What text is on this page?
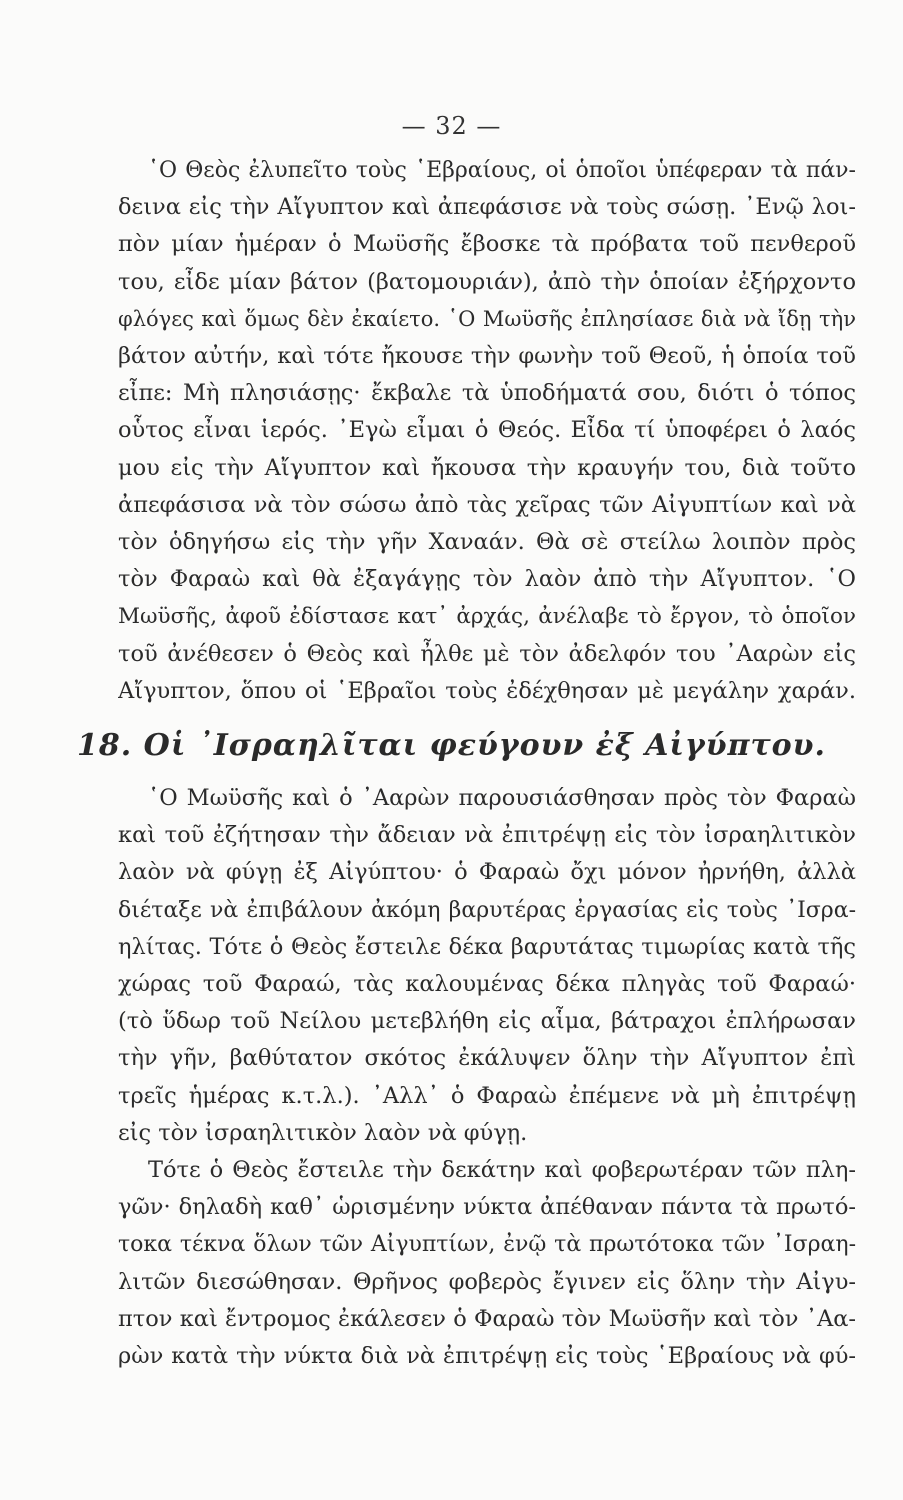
— 32 —
῾Ο Θεὸς ἐλυπεῖτο τοὺς ῾Εβραίους, οἱ ὁποῖοι ὑπέφεραν τὰ πάν-
δεινα εἰς τὴν Αἴγυπτον καὶ ἀπεφάσισε νὰ τοὺς σώσῃ. ᾿Ενῷ λοι-
πὸν μίαν ἡμέραν ὁ Μωϋσῆς ἔβοσκε τὰ πρόβατα τοῦ πενθεροῦ
του, εἶδε μίαν βάτον (βατομουριάν), ἀπὸ τὴν ὁποίαν ἐξήρχοντο
φλόγες καὶ ὅμως δὲν ἐκαίετο. ῾Ο Μωϋσῆς ἐπλησίασε διὰ νὰ ἴδῃ τὴν
βάτον αὐτήν, καὶ τότε ἤκουσε τὴν φωνὴν τοῦ Θεοῦ, ἡ ὁποία τοῦ
εἶπε: Μὴ πλησιάσῃς· ἔκβαλε τὰ ὑποδήματά σου, διότι ὁ τόπος
οὗτος εἶναι ἱερός. ᾿Εγὼ εἶμαι ὁ Θεός. Εἶδα τί ὑποφέρει ὁ λαός
μου εἰς τὴν Αἴγυπτον καὶ ἤκουσα τὴν κραυγήν του, διὰ τοῦτο
ἀπεφάσισα νὰ τὸν σώσω ἀπὸ τὰς χεῖρας τῶν Αἰγυπτίων καὶ νὰ
τὸν ὁδηγήσω εἰς τὴν γῆν Χαναάν. Θὰ σὲ στείλω λοιπὸν πρὸς
τὸν Φαραὼ καὶ θὰ ἐξαγάγῃς τὸν λαὸν ἀπὸ τὴν Αἴγυπτον. ῾Ο
Μωϋσῆς, ἀφοῦ ἐδίστασε κατ᾿ ἀρχάς, ἀνέλαβε τὸ ἔργον, τὸ ὁποῖον
τοῦ ἀνέθεσεν ὁ Θεὸς καὶ ἦλθε μὲ τὸν ἀδελφόν του ᾿Ααρὼν εἰς
Αἴγυπτον, ὅπου οἱ ῾Εβραῖοι τοὺς ἐδέχθησαν μὲ μεγάλην χαράν.
18. Οἱ ᾿Ισραηλῖται φεύγουν ἐξ Αἰγύπτου.
῾Ο Μωϋσῆς καὶ ὁ ᾿Ααρὼν παρουσιάσθησαν πρὸς τὸν Φαραὼ
καὶ τοῦ ἐζήτησαν τὴν ἄδειαν νὰ ἐπιτρέψῃ εἰς τὸν ἰσραηλιτικὸν
λαὸν νὰ φύγῃ ἐξ Αἰγύπτου· ὁ Φαραὼ ὄχι μόνον ἠρνήθη, ἀλλὰ
διέταξε νὰ ἐπιβάλουν ἀκόμη βαρυτέρας ἐργασίας εἰς τοὺς ᾿Ισρα-
ηλίτας. Τότε ὁ Θεὸς ἔστειλε δέκα βαρυτάτας τιμωρίας κατὰ τῆς
χώρας τοῦ Φαραώ, τὰς καλουμένας δέκα πληγὰς τοῦ Φαραώ·
(τὸ ὕδωρ τοῦ Νείλου μετεβλήθη εἰς αἷμα, βάτραχοι ἐπλήρωσαν
τὴν γῆν, βαθύτατον σκότος ἐκάλυψεν ὅλην τὴν Αἴγυπτον ἐπὶ
τρεῖς ἡμέρας κ.τ.λ.). ᾿Αλλ᾿ ὁ Φαραὼ ἐπέμενε νὰ μὴ ἐπιτρέψῃ
εἰς τὸν ἰσραηλιτικὸν λαὸν νὰ φύγῃ.
Τότε ὁ Θεὸς ἔστειλε τὴν δεκάτην καὶ φοβερωτέραν τῶν πλη-
γῶν· δηλαδὴ καθ᾿ ὡρισμένην νύκτα ἀπέθαναν πάντα τὰ πρωτό-
τοκα τέκνα ὅλων τῶν Αἰγυπτίων, ἐνῷ τὰ πρωτότοκα τῶν ᾿Ισραη-
λιτῶν διεσώθησαν. Θρῆνος φοβερὸς ἔγινεν εἰς ὅλην τὴν Αἰγυ-
πτον καὶ ἔντρομος ἐκάλεσεν ὁ Φαραὼ τὸν Μωϋσῆν καὶ τὸν ᾿Αα-
ρὼν κατὰ τὴν νύκτα διὰ νὰ ἐπιτρέψῃ εἰς τοὺς ῾Εβραίους νὰ φύ-
